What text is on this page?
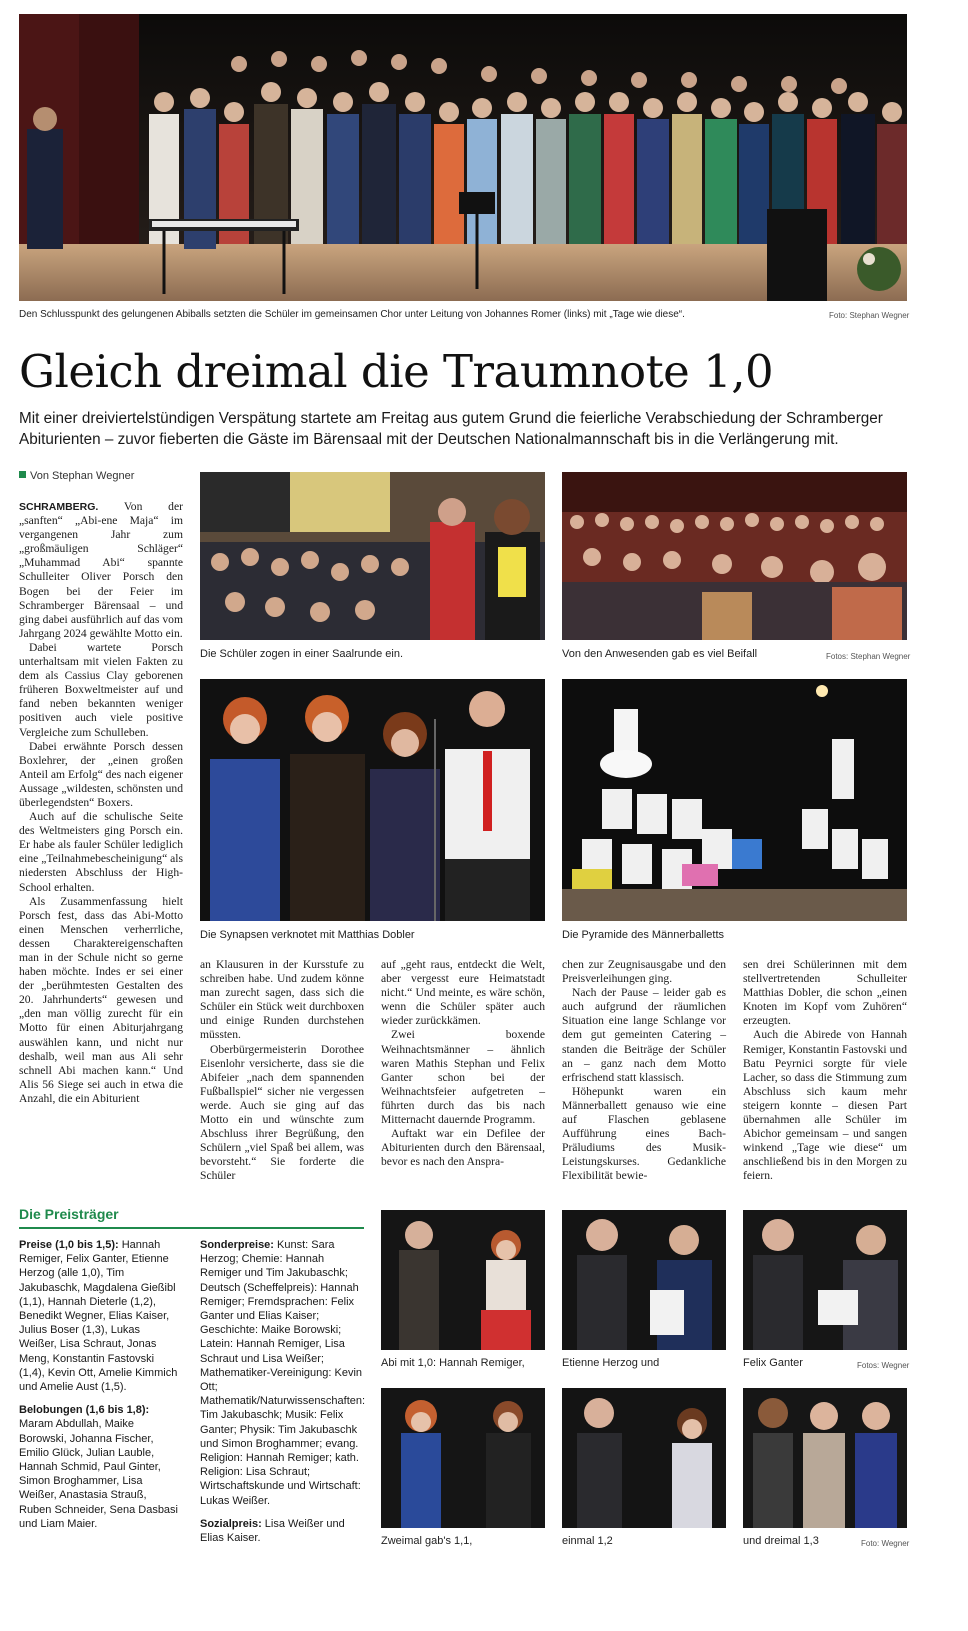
Den Schlusspunkt des gelungenen Abiballs setzten die Schüler im gemeinsamen Chor unter Leitung von Johannes Romer (links) mit „Tage wie diese“.	Foto: Stephan Wegner
Gleich dreimal die Traumnote 1,0
Mit einer dreiviertelstündigen Verspätung startete am Freitag aus gutem Grund die feierliche Verabschiedung der Schramberger Abiturienten – zuvor fieberten die Gäste im Bärensaal mit der Deutschen Nationalmannschaft bis in die Verlängerung mit.
Von Stephan Wegner

SCHRAMBERG. Von der „sanften“ „Abi-ene Maja“ im vergangenen Jahr zum „großmäuligen Schläger“ „Muhammad Abi“ spannte Schulleiter Oliver Porsch den Bogen bei der Feier im Schramberger Bärensaal – und ging dabei ausführlich auf das vom Jahrgang 2024 gewählte Motto ein.

Dabei wartete Porsch unterhaltsam mit vielen Fakten zu dem als Cassius Clay geborenen früheren Boxweltmeister auf und fand neben bekannten weniger positiven auch viele positive Vergleiche zum Schulleben.

Dabei erwähnte Porsch dessen Boxlehrer, der „einen großen Anteil am Erfolg“ des nach eigener Aussage „wildesten, schönsten und überlegendsten“ Boxers.

Auch auf die schulische Seite des Weltmeisters ging Porsch ein. Er habe als fauler Schüler lediglich eine „Teilnahmebescheinigung“ als niedersten Abschluss der High-School erhalten.

Als Zusammenfassung hielt Porsch fest, dass das Abi-Motto einen Menschen verherrliche, dessen Charaktereigenschaften man in der Schule nicht so gerne haben möchte. Indes er sei einer der „berühmtesten Gestalten des 20. Jahrhunderts“ gewesen und „den man völlig zurecht für ein Motto für einen Abiturjahrgang auswählen kann, und nicht nur deshalb, weil man aus Ali sehr schnell Abi machen kann.“ Und Alis 56 Siege sei auch in etwa die Anzahl, die ein Abiturient

Die Schüler zogen in einer Saalrunde ein.	Von den Anwesenden gab es viel Beifall	Fotos: Stephan Wegner
Die Synapsen verknotet mit Matthias Dobler	Die Pyramide des Männerballetts

an Klausuren in der Kursstufe zu schreiben habe. Und zudem könne man zurecht sagen, dass sich die Schüler ein Stück weit durchboxen und einige Runden durchstehen müssten.

Oberbürgermeisterin Dorothee Eisenlohr versicherte, dass sie die Abifeier „nach dem spannenden Fußballspiel“ sicher nie vergessen werde. Auch sie ging auf das Motto ein und wünschte zum Abschluss ihrer Begrüßung, den Schülern „viel Spaß bei allem, was bevorsteht.“ Sie forderte die Schüler

auf „geht raus, entdeckt die Welt, aber vergesst eure Heimatstadt nicht.“ Und meinte, es wäre schön, wenn die Schüler später auch wieder zurückkämen.

Zwei boxende Weihnachtsmänner – ähnlich waren Mathis Stephan und Felix Ganter schon bei der Weihnachtsfeier aufgetreten – führten durch das bis nach Mitternacht dauernde Programm.

Auftakt war ein Defilee der Abiturienten durch den Bärensaal, bevor es nach den Anspra-

chen zur Zeugnisausgabe und den Preisverleihungen ging.

Nach der Pause – leider gab es auch aufgrund der räumlichen Situation eine lange Schlange vor dem gut gemeinten Catering – standen die Beiträge der Schüler an – ganz nach dem Motto erfrischend statt klassisch.

Höhepunkt waren ein Männerballett genauso wie eine auf Flaschen geblasene Aufführung eines Bach-Präludiums des Musik-Leistungskurses. Gedankliche Flexibilität bewie-

sen drei Schülerinnen mit dem stellvertretenden Schulleiter Matthias Dobler, die schon „einen Knoten im Kopf vom Zuhören“ erzeugten.

Auch die Abirede von Hannah Remiger, Konstantin Fastovski und Batu Peyrnici sorgte für viele Lacher, so dass die Stimmung zum Abschluss sich kaum mehr steigern konnte – diesen Part übernahmen alle Schüler im Abichor gemeinsam – und sangen winkend „Tage wie diese“ um anschließend bis in den Morgen zu feiern.

Die Preisträger

Preise (1,0 bis 1,5): Hannah Remiger, Felix Ganter, Etienne Herzog (alle 1,0), Tim Jakubaschk, Magdalena Gießibl (1,1), Hannah Dieterle (1,2), Benedikt Wegner, Elias Kaiser, Julius Boser (1,3), Lukas Weißer, Lisa Schraut, Jonas Meng, Konstantin Fastovski (1,4), Kevin Ott, Amelie Kimmich und Amelie Aust (1,5).

Belobungen (1,6 bis 1,8): Maram Abdullah, Maike Borowski, Johanna Fischer, Emilio Glück, Julian Lauble, Hannah Schmid, Paul Ginter, Simon Broghammer, Lisa Weißer, Anastasia Strauß, Ruben Schneider, Sena Dasbasi und Liam Maier.

Sonderpreise: Kunst: Sara Herzog; Chemie: Hannah Remiger und Tim Jakubaschk; Deutsch (Scheffelpreis): Hannah Remiger; Fremdsprachen: Felix Ganter und Elias Kaiser; Geschichte: Maike Borowski; Latein: Hannah Remiger, Lisa Schraut und Lisa Weißer; Mathematiker-Vereinigung: Kevin Ott; Mathematik/Naturwissenschaften: Tim Jakubaschk; Musik: Felix Ganter; Physik: Tim Jakubaschk und Simon Broghammer; evang. Religion: Hannah Remiger; kath. Religion: Lisa Schraut; Wirtschaftskunde und Wirtschaft: Lukas Weißer.

Sozialpreis: Lisa Weißer und Elias Kaiser.

Abi mit 1,0: Hannah Remiger,	Etienne Herzog und	Felix Ganter	Fotos: Wegner
Zweimal gab's 1,1,	einmal 1,2	und dreimal 1,3	Foto: Wegner
